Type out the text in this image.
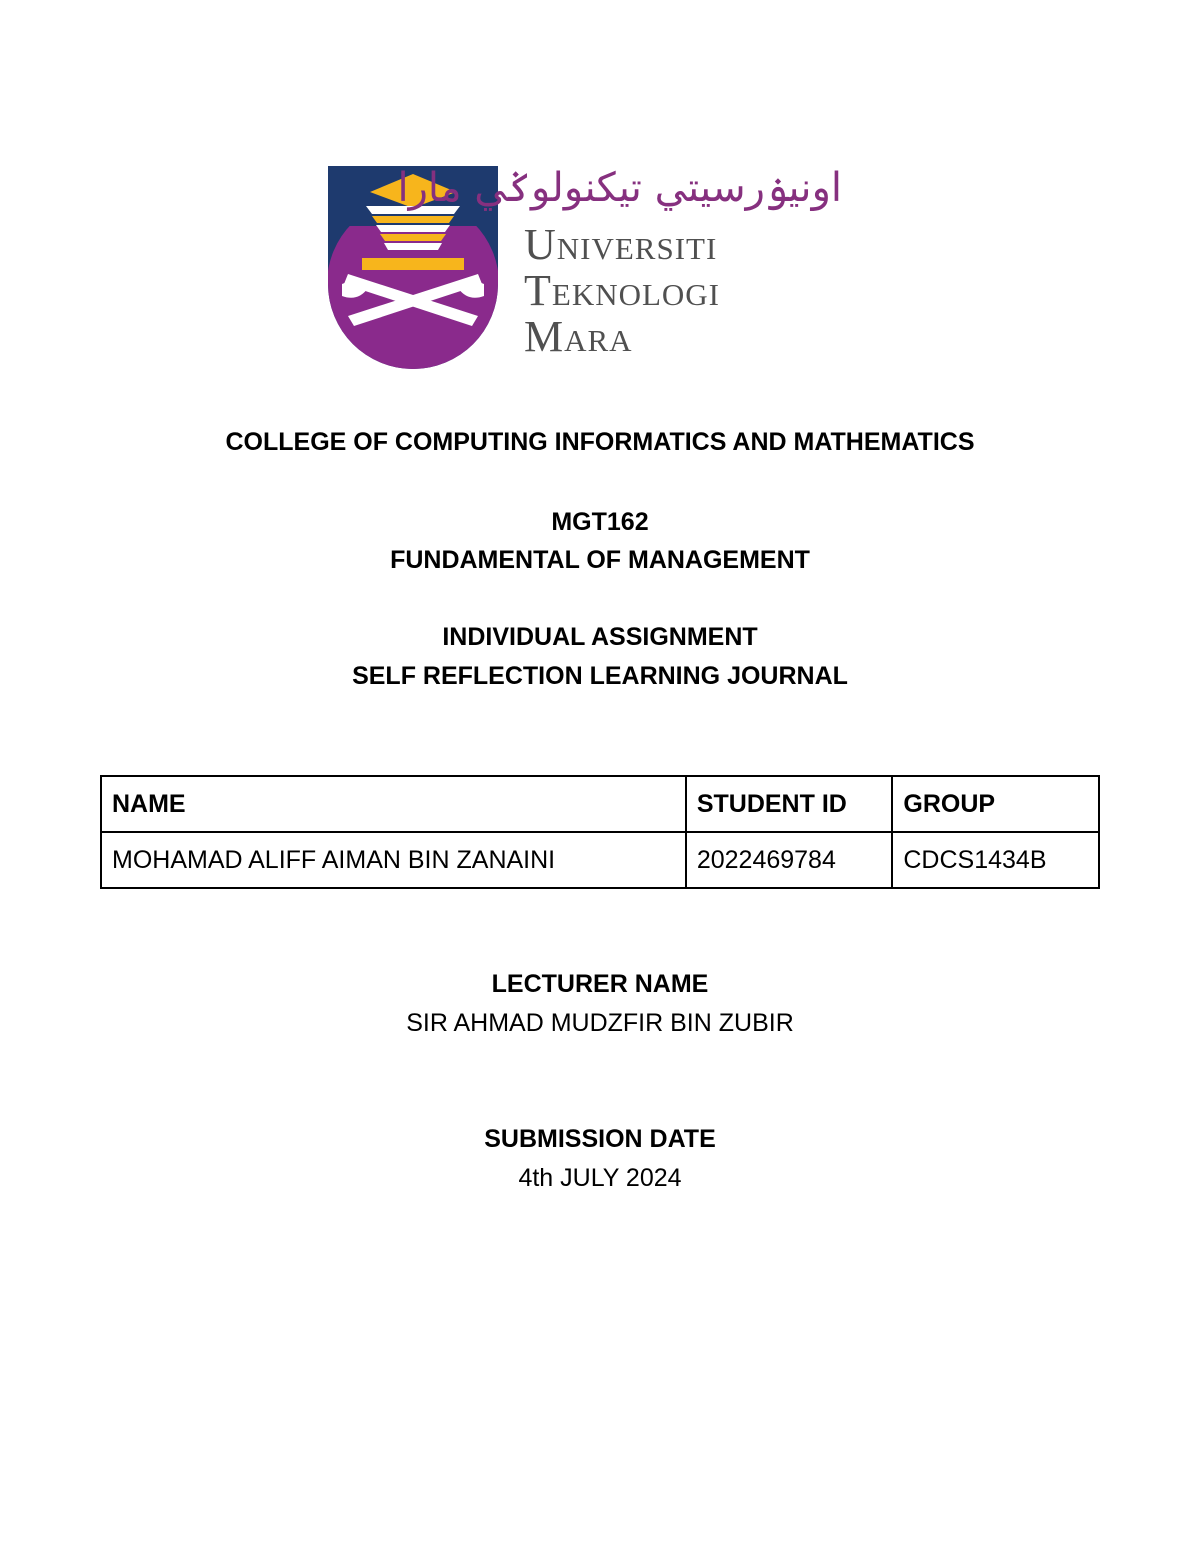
اونيۏرسيتي تيكنولوݢي مارا
Universiti
Teknologi
Mara
COLLEGE OF COMPUTING INFORMATICS AND MATHEMATICS
MGT162
FUNDAMENTAL OF MANAGEMENT
INDIVIDUAL ASSIGNMENT
SELF REFLECTION LEARNING JOURNAL
NAME	STUDENT ID	GROUP
MOHAMAD ALIFF AIMAN BIN ZANAINI	2022469784	CDCS1434B
LECTURER NAME
SIR AHMAD MUDZFIR BIN ZUBIR
SUBMISSION DATE
4th JULY 2024
